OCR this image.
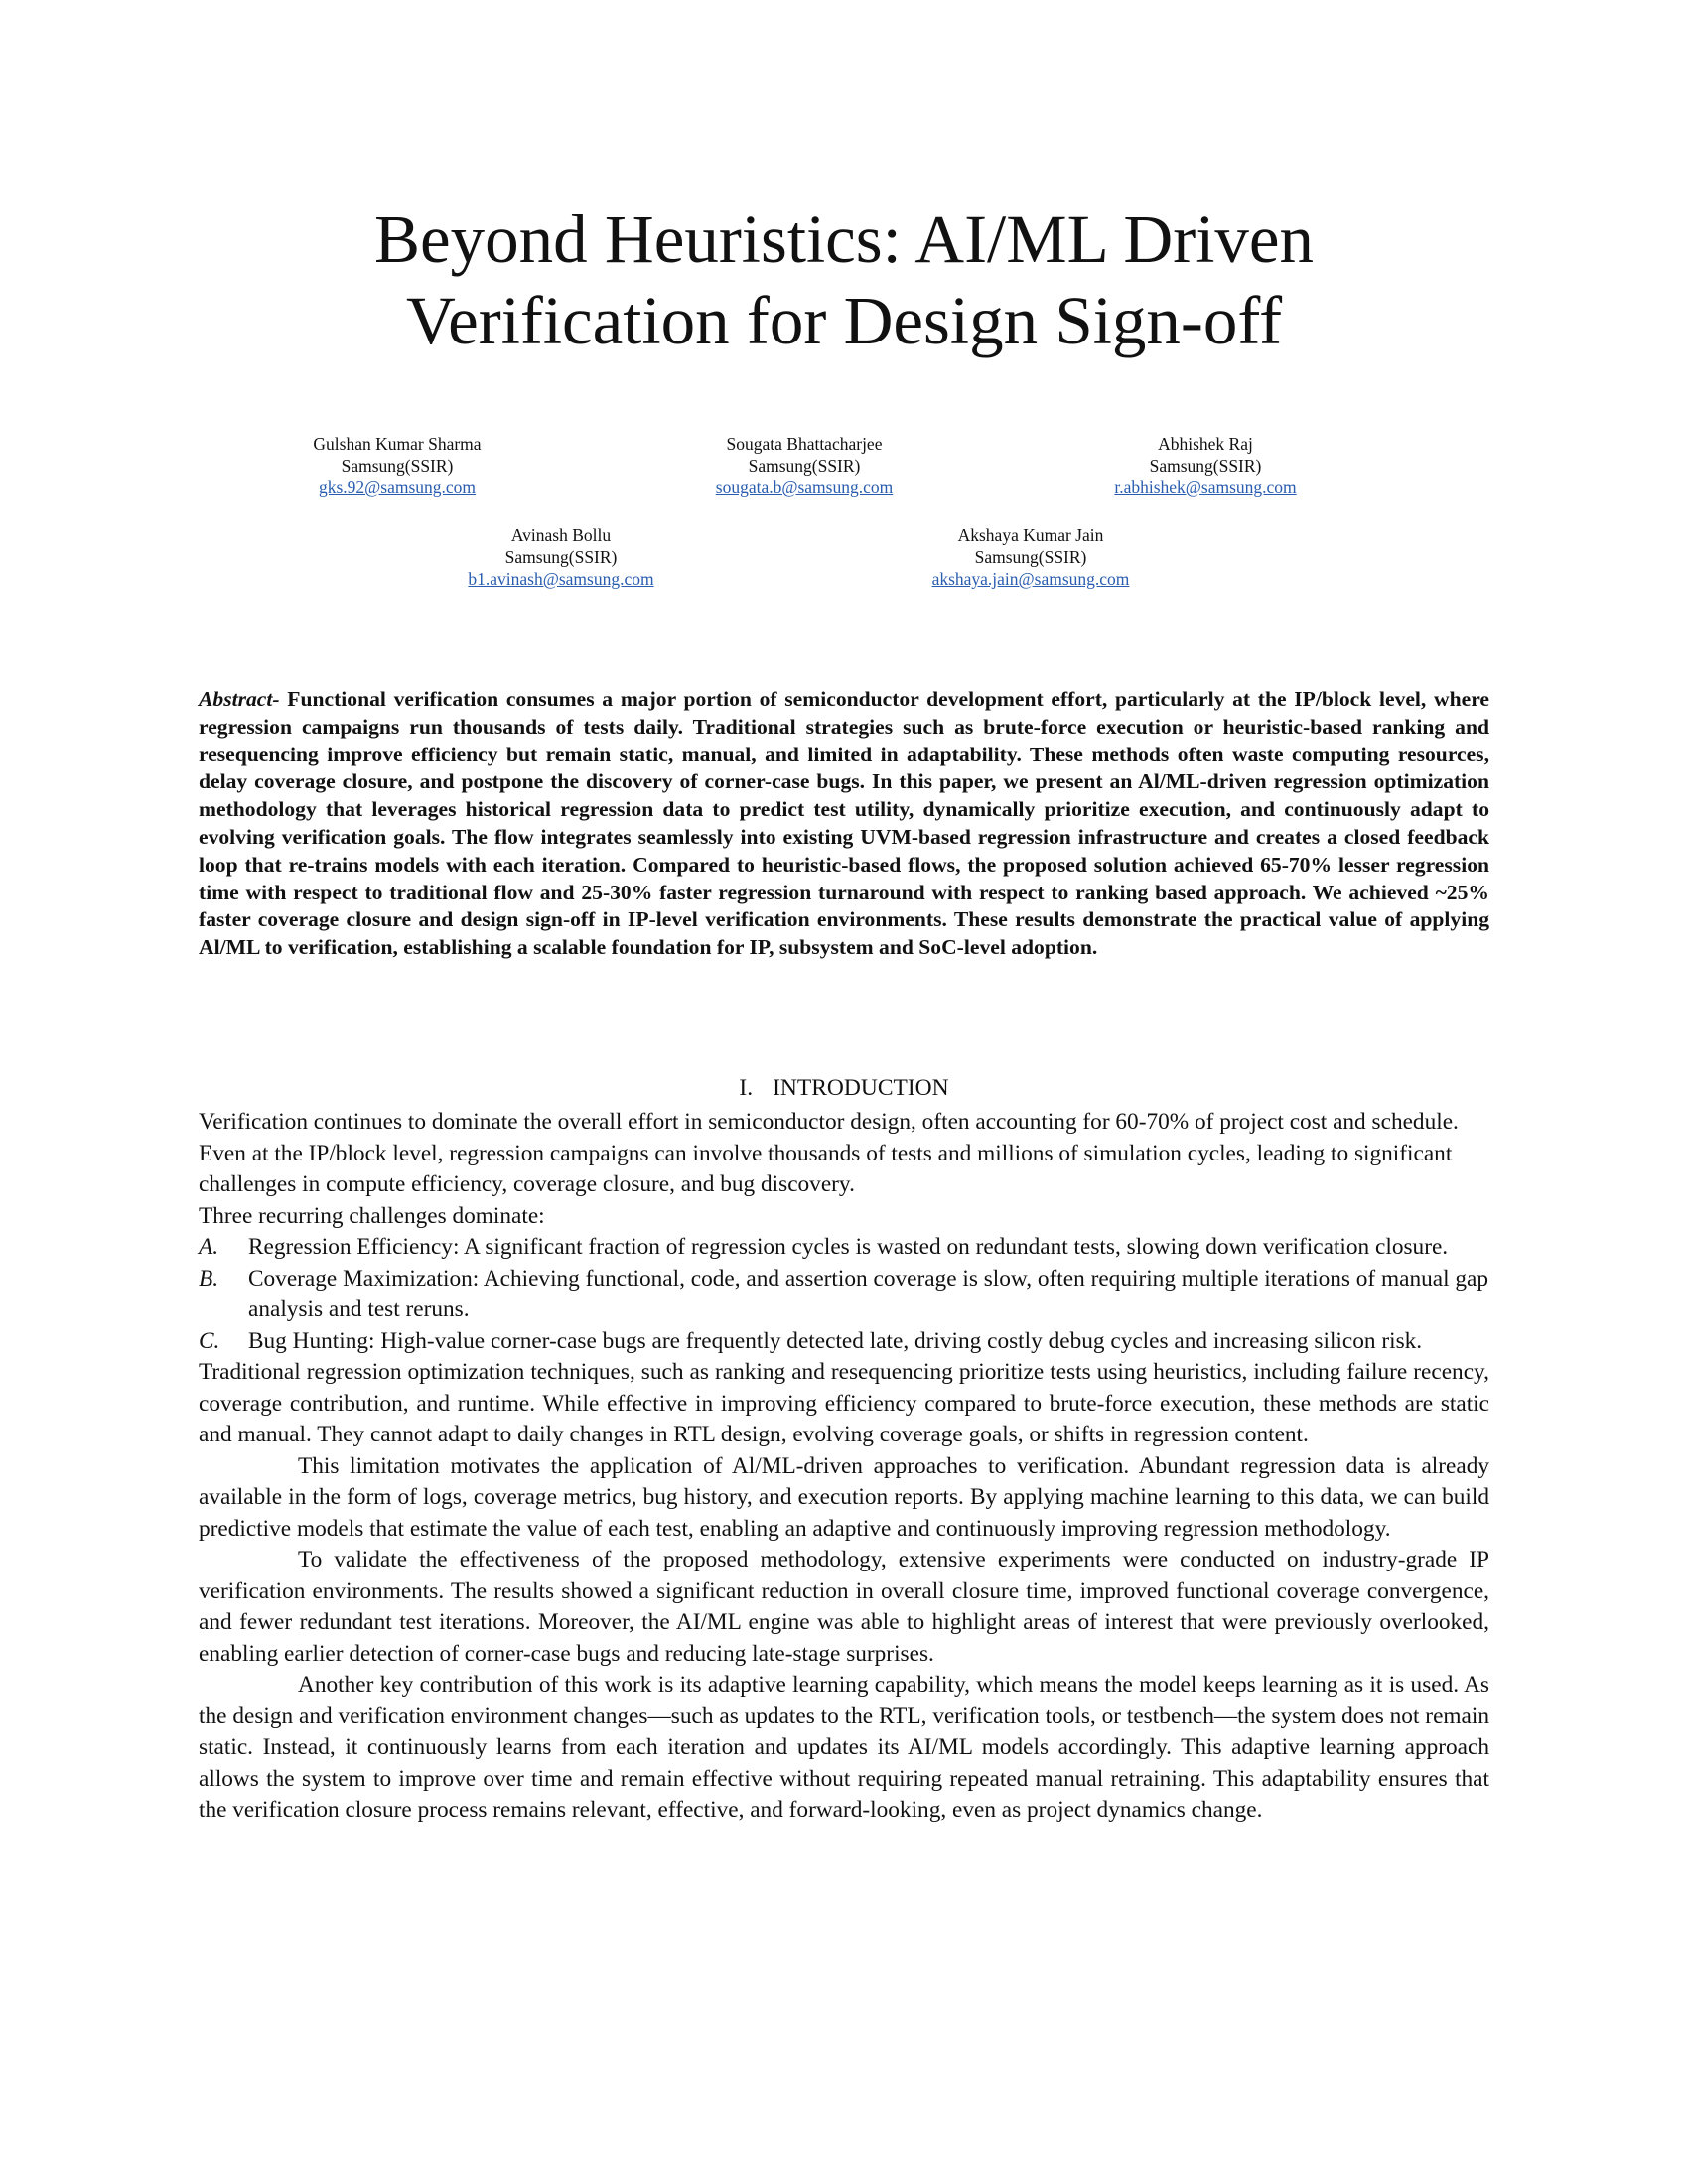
Beyond Heuristics: AI/ML Driven
Verification for Design Sign-off
Gulshan Kumar Sharma
Samsung(SSIR)
gks.92@samsung.com
Sougata Bhattacharjee
Samsung(SSIR)
sougata.b@samsung.com
Abhishek Raj
Samsung(SSIR)
r.abhishek@samsung.com
Avinash Bollu
Samsung(SSIR)
b1.avinash@samsung.com
Akshaya Kumar Jain
Samsung(SSIR)
akshaya.jain@samsung.com

Abstract- Functional verification consumes a major portion of semiconductor development effort, particularly at the IP/block level, where regression campaigns run thousands of tests daily. Traditional strategies such as brute-force execution or heuristic-based ranking and resequencing improve efficiency but remain static, manual, and limited in adaptability. These methods often waste computing resources, delay coverage closure, and postpone the discovery of corner-case bugs. In this paper, we present an Al/ML-driven regression optimization methodology that leverages historical regression data to predict test utility, dynamically prioritize execution, and continuously adapt to evolving verification goals. The flow integrates seamlessly into existing UVM-based regression infrastructure and creates a closed feedback loop that re-trains models with each iteration. Compared to heuristic-based flows, the proposed solution achieved 65-70% lesser regression time with respect to traditional flow and 25-30% faster regression turnaround with respect to ranking based approach. We achieved ~25% faster coverage closure and design sign-off in IP-level verification environments. These results demonstrate the practical value of applying Al/ML to verification, establishing a scalable foundation for IP, subsystem and SoC-level adoption.

I. INTRODUCTION

Verification continues to dominate the overall effort in semiconductor design, often accounting for 60-70% of project cost and schedule. Even at the IP/block level, regression campaigns can involve thousands of tests and millions of simulation cycles, leading to significant challenges in compute efficiency, coverage closure, and bug discovery.

Three recurring challenges dominate:

A. Regression Efficiency: A significant fraction of regression cycles is wasted on redundant tests, slowing down verification closure.
B. Coverage Maximization: Achieving functional, code, and assertion coverage is slow, often requiring multiple iterations of manual gap analysis and test reruns.
C. Bug Hunting: High-value corner-case bugs are frequently detected late, driving costly debug cycles and increasing silicon risk.

Traditional regression optimization techniques, such as ranking and resequencing prioritize tests using heuristics, including failure recency, coverage contribution, and runtime. While effective in improving efficiency compared to brute-force execution, these methods are static and manual. They cannot adapt to daily changes in RTL design, evolving coverage goals, or shifts in regression content.

This limitation motivates the application of Al/ML-driven approaches to verification. Abundant regression data is already available in the form of logs, coverage metrics, bug history, and execution reports. By applying machine learning to this data, we can build predictive models that estimate the value of each test, enabling an adaptive and continuously improving regression methodology.

To validate the effectiveness of the proposed methodology, extensive experiments were conducted on industry-grade IP verification environments. The results showed a significant reduction in overall closure time, improved functional coverage convergence, and fewer redundant test iterations. Moreover, the AI/ML engine was able to highlight areas of interest that were previously overlooked, enabling earlier detection of corner-case bugs and reducing late-stage surprises.

Another key contribution of this work is its adaptive learning capability, which means the model keeps learning as it is used. As the design and verification environment changes—such as updates to the RTL, verification tools, or testbench—the system does not remain static. Instead, it continuously learns from each iteration and updates its AI/ML models accordingly. This adaptive learning approach allows the system to improve over time and remain effective without requiring repeated manual retraining. This adaptability ensures that the verification closure process remains relevant, effective, and forward-looking, even as project dynamics change.
